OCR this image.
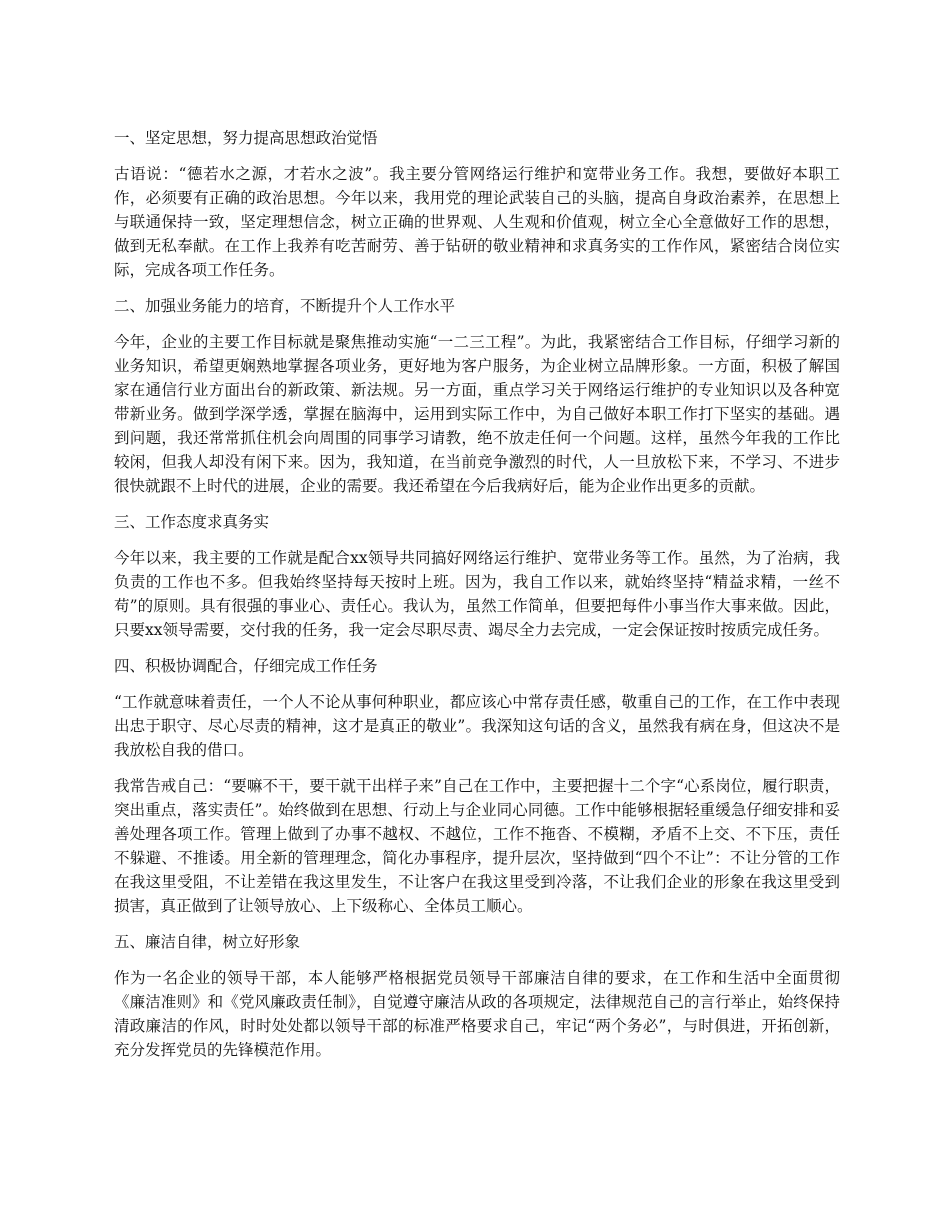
一、坚定思想，努力提高思想政治觉悟

古语说：“德若水之源，才若水之波”。我主要分管网络运行维护和宽带业务工作。我想，要做好本职工作，必须要有正确的政治思想。今年以来，我用党的理论武装自己的头脑，提高自身政治素养，在思想上与联通保持一致，坚定理想信念，树立正确的世界观、人生观和价值观，树立全心全意做好工作的思想，做到无私奉献。在工作上我养有吃苦耐劳、善于钻研的敬业精神和求真务实的工作作风，紧密结合岗位实际，完成各项工作任务。

二、加强业务能力的培育，不断提升个人工作水平

今年，企业的主要工作目标就是聚焦推动实施“一二三工程”。为此，我紧密结合工作目标，仔细学习新的业务知识，希望更娴熟地掌握各项业务，更好地为客户服务，为企业树立品牌形象。一方面，积极了解国家在通信行业方面出台的新政策、新法规。另一方面，重点学习关于网络运行维护的专业知识以及各种宽带新业务。做到学深学透，掌握在脑海中，运用到实际工作中，为自己做好本职工作打下坚实的基础。遇到问题，我还常常抓住机会向周围的同事学习请教，绝不放走任何一个问题。这样，虽然今年我的工作比较闲，但我人却没有闲下来。因为，我知道，在当前竞争激烈的时代，人一旦放松下来，不学习、不进步很快就跟不上时代的进展，企业的需要。我还希望在今后我病好后，能为企业作出更多的贡献。

三、工作态度求真务实

今年以来，我主要的工作就是配合xx领导共同搞好网络运行维护、宽带业务等工作。虽然，为了治病，我负责的工作也不多。但我始终坚持每天按时上班。因为，我自工作以来，就始终坚持“精益求精，一丝不苟”的原则。具有很强的事业心、责任心。我认为，虽然工作简单，但要把每件小事当作大事来做。因此，只要xx领导需要，交付我的任务，我一定会尽职尽责、竭尽全力去完成，一定会保证按时按质完成任务。

四、积极协调配合，仔细完成工作任务

“工作就意味着责任，一个人不论从事何种职业，都应该心中常存责任感，敬重自己的工作，在工作中表现出忠于职守、尽心尽责的精神，这才是真正的敬业”。我深知这句话的含义，虽然我有病在身，但这决不是我放松自我的借口。

我常告戒自己：“要嘛不干，要干就干出样子来”自己在工作中，主要把握十二个字“心系岗位，履行职责，突出重点，落实责任”。始终做到在思想、行动上与企业同心同德。工作中能够根据轻重缓急仔细安排和妥善处理各项工作。管理上做到了办事不越权、不越位，工作不拖沓、不模糊，矛盾不上交、不下压，责任不躲避、不推诿。用全新的管理理念，简化办事程序，提升层次，坚持做到“四个不让”：不让分管的工作在我这里受阻，不让差错在我这里发生，不让客户在我这里受到冷落，不让我们企业的形象在我这里受到损害，真正做到了让领导放心、上下级称心、全体员工顺心。

五、廉洁自律，树立好形象

作为一名企业的领导干部，本人能够严格根据党员领导干部廉洁自律的要求，在工作和生活中全面贯彻《廉洁准则》和《党风廉政责任制》，自觉遵守廉洁从政的各项规定，法律规范自己的言行举止，始终保持清政廉洁的作风，时时处处都以领导干部的标准严格要求自己，牢记“两个务必”，与时俱进，开拓创新，充分发挥党员的先锋模范作用。
